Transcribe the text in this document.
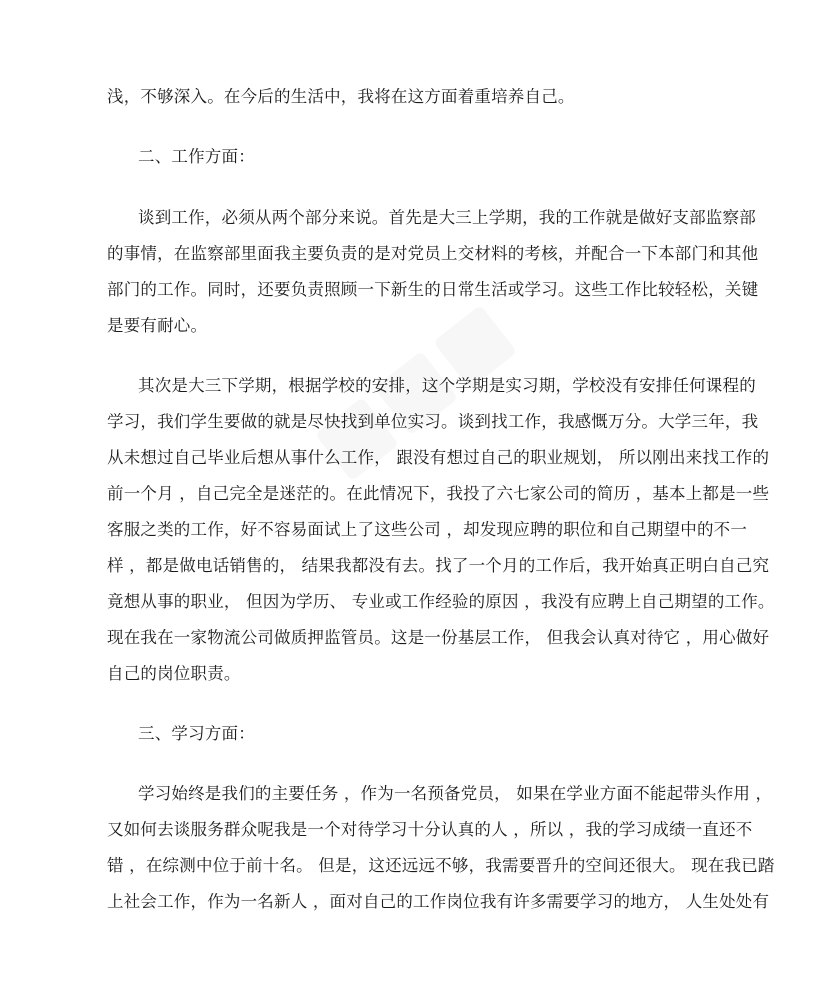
浅，不够深入。在今后的生活中，我将在这方面着重培养自己。
二、工作方面：
谈到工作，必须从两个部分来说。首先是大三上学期，我的工作就是做好支部监察部
的事情，在监察部里面我主要负责的是对党员上交材料的考核，并配合一下本部门和其他
部门的工作。同时，还要负责照顾一下新生的日常生活或学习。这些工作比较轻松，关键
是要有耐心。
其次是大三下学期，根据学校的安排，这个学期是实习期，学校没有安排任何课程的
学习，我们学生要做的就是尽快找到单位实习。谈到找工作，我感慨万分。大学三年，我
从未想过自己毕业后想从事什么工作， 跟没有想过自己的职业规划， 所以刚出来找工作的
前一个月 ，自己完全是迷茫的。在此情况下，我投了六七家公司的简历 ，基本上都是一些
客服之类的工作，好不容易面试上了这些公司 ，却发现应聘的职位和自己期望中的不一
样 ，都是做电话销售的， 结果我都没有去。找了一个月的工作后，我开始真正明白自己究
竟想从事的职业， 但因为学历、 专业或工作经验的原因 ，我没有应聘上自己期望的工作。
现在我在一家物流公司做质押监管员。这是一份基层工作， 但我会认真对待它 ，用心做好
自己的岗位职责。
三、学习方面：
学习始终是我们的主要任务 ，作为一名预备党员， 如果在学业方面不能起带头作用 ，
又如何去谈服务群众呢我是一个对待学习十分认真的人 ，所以 ，我的学习成绩一直还不
错 ，在综测中位于前十名。 但是，这还远远不够，我需要晋升的空间还很大。 现在我已踏
上社会工作，作为一名新人 ，面对自己的工作岗位我有许多需要学习的地方， 人生处处有
